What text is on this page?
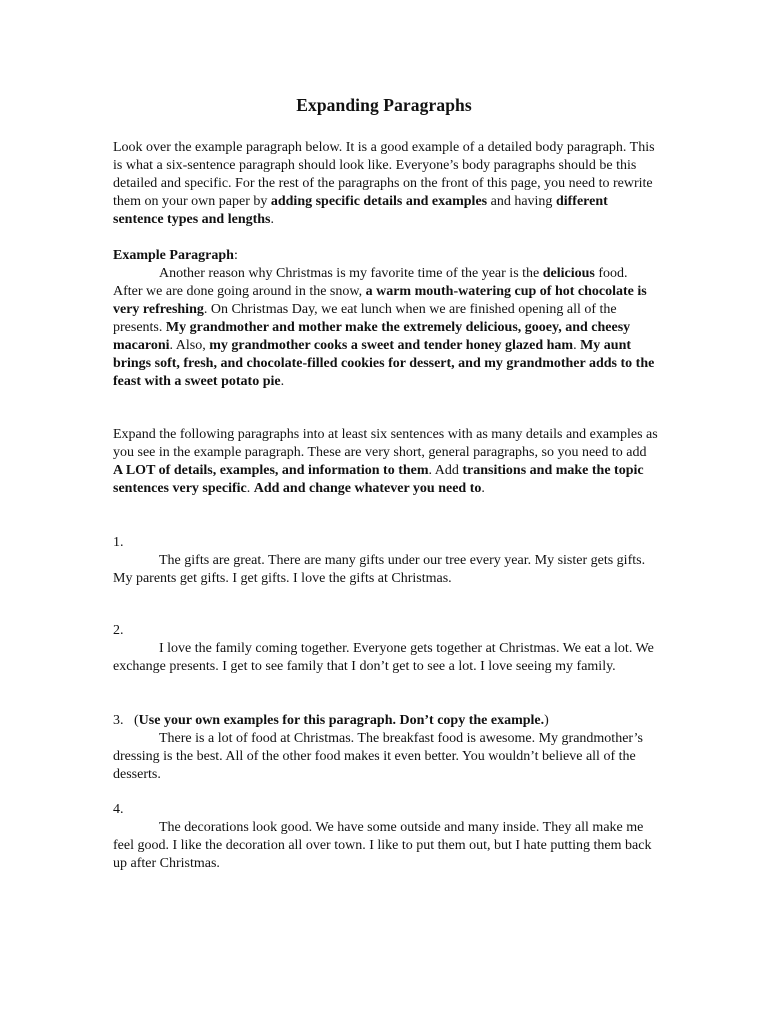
Expanding Paragraphs

Look over the example paragraph below. It is a good example of a detailed body paragraph. This is what a six-sentence paragraph should look like. Everyone’s body paragraphs should be this detailed and specific. For the rest of the paragraphs on the front of this page, you need to rewrite them on your own paper by adding specific details and examples and having different sentence types and lengths.

Example Paragraph:

Another reason why Christmas is my favorite time of the year is the delicious food. After we are done going around in the snow, a warm mouth-watering cup of hot chocolate is very refreshing. On Christmas Day, we eat lunch when we are finished opening all of the presents. My grandmother and mother make the extremely delicious, gooey, and cheesy macaroni. Also, my grandmother cooks a sweet and tender honey glazed ham. My aunt brings soft, fresh, and chocolate-filled cookies for dessert, and my grandmother adds to the feast with a sweet potato pie.

Expand the following paragraphs into at least six sentences with as many details and examples as you see in the example paragraph. These are very short, general paragraphs, so you need to add A LOT of details, examples, and information to them. Add transitions and make the topic sentences very specific. Add and change whatever you need to.

1.

The gifts are great. There are many gifts under our tree every year. My sister gets gifts. My parents get gifts. I get gifts. I love the gifts at Christmas.

2.

I love the family coming together. Everyone gets together at Christmas. We eat a lot. We exchange presents. I get to see family that I don’t get to see a lot. I love seeing my family.

3. (Use your own examples for this paragraph. Don’t copy the example.)

There is a lot of food at Christmas. The breakfast food is awesome. My grandmother’s dressing is the best. All of the other food makes it even better. You wouldn’t believe all of the desserts.

4.

The decorations look good. We have some outside and many inside. They all make me feel good. I like the decoration all over town. I like to put them out, but I hate putting them back up after Christmas.
